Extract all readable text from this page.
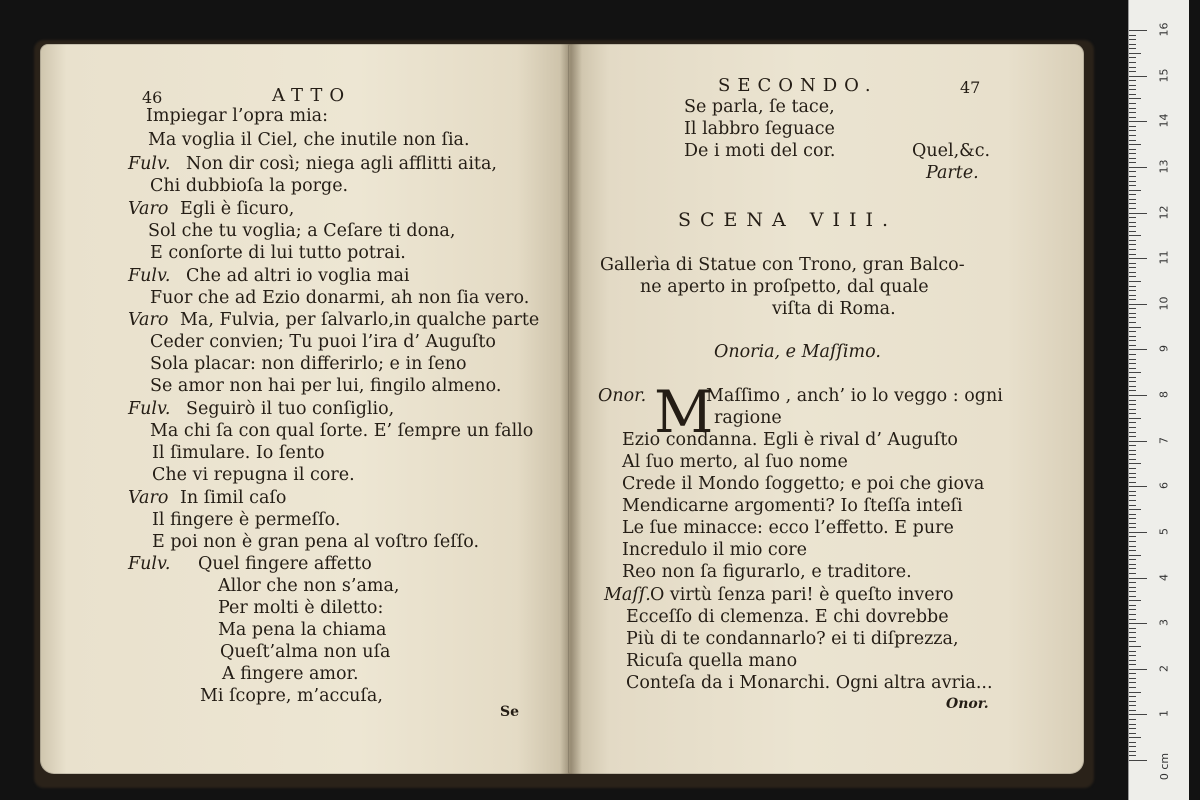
46	ATTO
Impiegar l’opra mia:
Ma voglia il Ciel, che inutile non ſia.
Fulv. Non dir così; niega agli afflitti aita,
Chi dubbioſa la porge.
Varo Egli è ſicuro,
Sol che tu voglia; a Ceſare ti dona,
E conſorte di lui tutto potrai.
Fulv. Che ad altri io voglia mai
Fuor che ad Ezio donarmi, ah non ſia vero.
Varo Ma, Fulvia, per ſalvarlo,in qualche parte
Ceder convien; Tu puoi l’ira d’ Auguſto
Sola placar: non differirlo; e in ſeno
Se amor non hai per lui, fingilo almeno.
Fulv. Seguirò il tuo conſiglio,
Ma chi ſa con qual ſorte. E’ ſempre un fallo
Il ſimulare. Io ſento
Che vi repugna il core.
Varo In ſimil caſo
Il fingere è permeſſo.
E poi non è gran pena al voſtro ſeſſo.
Fulv. Quel fingere affetto
Allor che non s’ama,
Per molti è diletto:
Ma pena la chiama
Queſt’alma non uſa
A fingere amor.
Mi ſcopre, m’accuſa,
Se
SECONDO.	47
Se parla, ſe tace,
Il labbro ſeguace
De i moti del cor.	Quel,&c.
Parte.
SCENA VIII.
Gallerìa di Statue con Trono, gran Balco-
ne aperto in proſpetto, dal quale
viſta di Roma.
Onoria, e Maſſimo.
Onor. M
Maſſimo , anch’ io lo veggo : ogni
ragione
Ezio condanna. Egli è rival d’ Auguſto
Al ſuo merto, al ſuo nome
Crede il Mondo ſoggetto; e poi che giova
Mendicarne argomenti? Io ſteſſa inteſi
Le ſue minacce: ecco l’effetto. E pure
Incredulo il mio core
Reo non ſa figurarlo, e traditore.
Maſſ. O virtù ſenza pari! è queſto invero
Ecceſſo di clemenza. E chi dovrebbe
Più di te condannarlo? ei ti diſprezza,
Ricuſa quella mano
Conteſa da i Monarchi. Ogni altra avria...
Onor.
16
15
14
13
12
11
10
9
8
7
6
5
4
3
2
1
0 cm
